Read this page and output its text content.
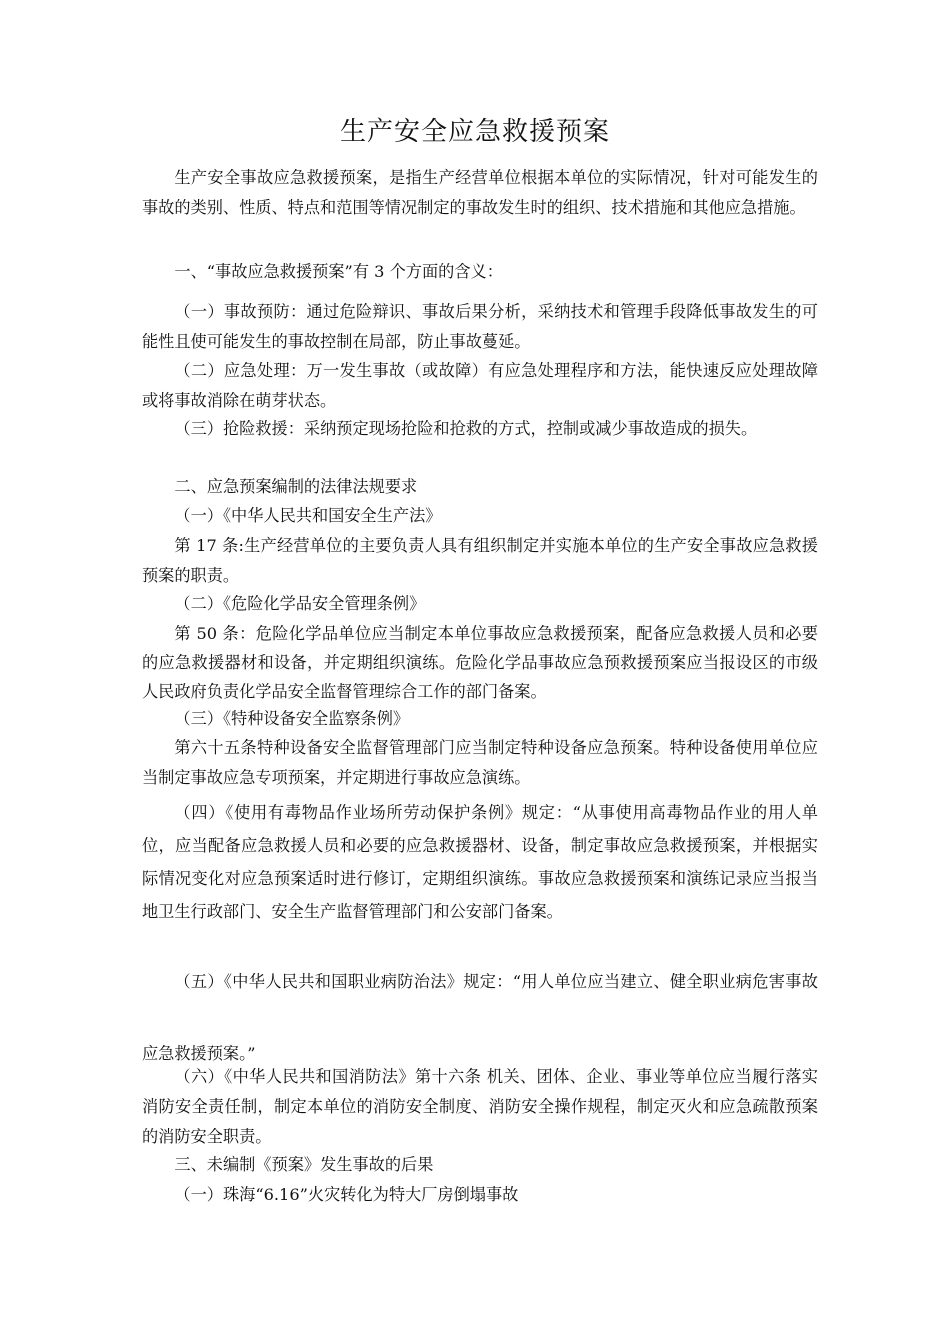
生产安全应急救援预案

生产安全事故应急救援预案，是指生产经营单位根据本单位的实际情况，针对可能发生的事故的类别、性质、特点和范围等情况制定的事故发生时的组织、技术措施和其他应急措施。

一、“事故应急救援预案”有 3 个方面的含义：

（一）事故预防：通过危险辩识、事故后果分析，采纳技术和管理手段降低事故发生的可能性且使可能发生的事故控制在局部，防止事故蔓延。

（二）应急处理：万一发生事故（或故障）有应急处理程序和方法，能快速反应处理故障或将事故消除在萌芽状态。

（三）抢险救援：采纳预定现场抢险和抢救的方式，控制或减少事故造成的损失。

二、应急预案编制的法律法规要求

（一）《中华人民共和国安全生产法》

第 17 条:生产经营单位的主要负责人具有组织制定并实施本单位的生产安全事故应急救援预案的职责。

（二）《危险化学品安全管理条例》

第 50 条：危险化学品单位应当制定本单位事故应急救援预案，配备应急救援人员和必要的应急救援器材和设备，并定期组织演练。危险化学品事故应急预救援预案应当报设区的市级人民政府负责化学品安全监督管理综合工作的部门备案。

（三）《特种设备安全监察条例》

第六十五条特种设备安全监督管理部门应当制定特种设备应急预案。特种设备使用单位应当制定事故应急专项预案，并定期进行事故应急演练。

（四）《使用有毒物品作业场所劳动保护条例》规定：“从事使用高毒物品作业的用人单位，应当配备应急救援人员和必要的应急救援器材、设备，制定事故应急救援预案，并根据实际情况变化对应急预案适时进行修订，定期组织演练。事故应急救援预案和演练记录应当报当地卫生行政部门、安全生产监督管理部门和公安部门备案。

（五）《中华人民共和国职业病防治法》规定：“用人单位应当建立、健全职业病危害事故应急救援预案。”

（六）《中华人民共和国消防法》第十六条 机关、团体、企业、事业等单位应当履行落实消防安全责任制，制定本单位的消防安全制度、消防安全操作规程，制定灭火和应急疏散预案的消防安全职责。

三、未编制《预案》发生事故的后果

（一）珠海“6.16”火灾转化为特大厂房倒塌事故
